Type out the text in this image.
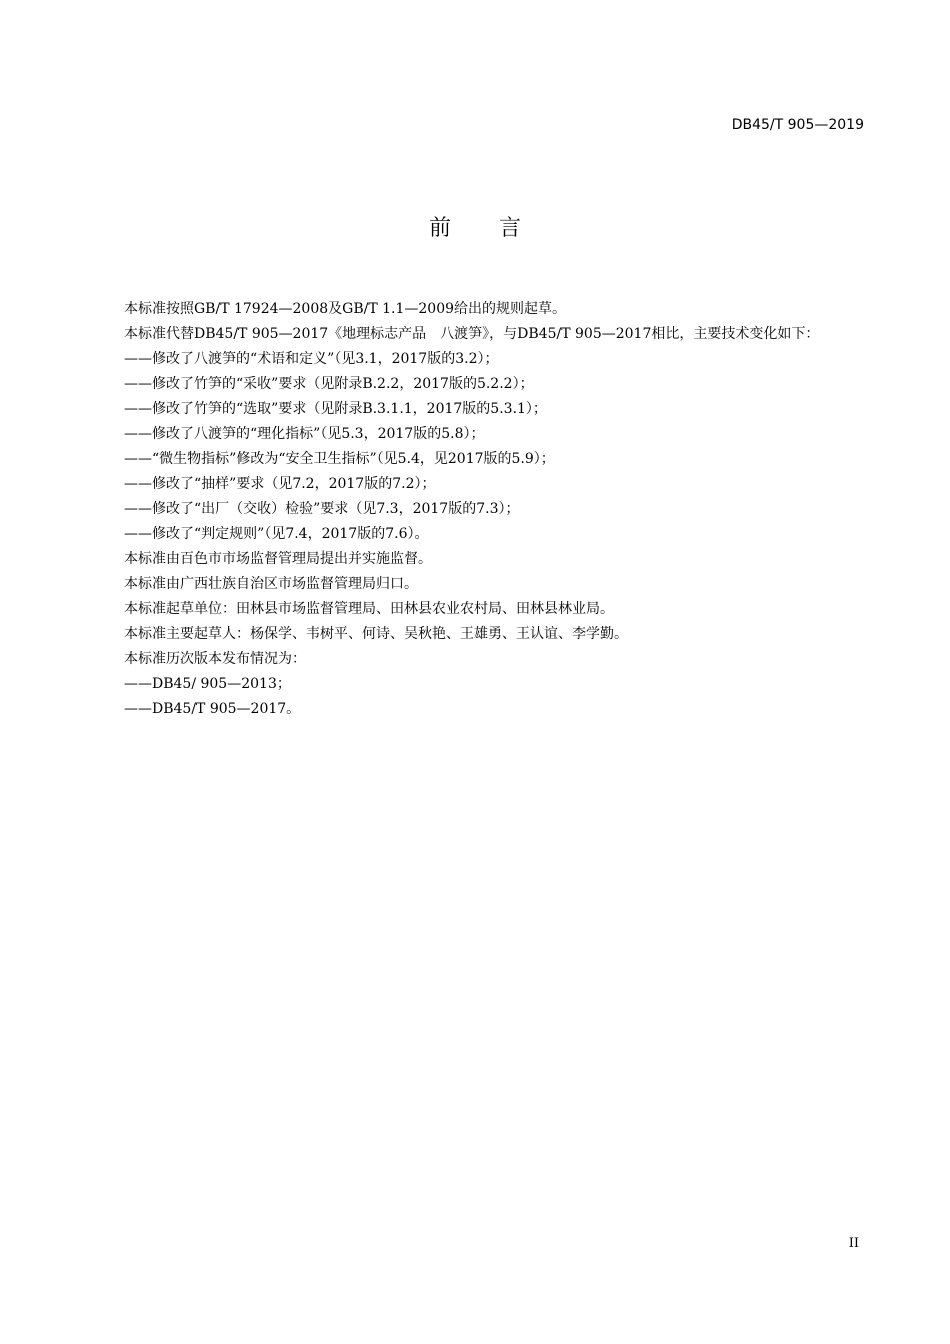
DB45/T 905—2019
前言

本标准按照GB/T 17924—2008及GB/T 1.1—2009给出的规则起草。

本标准代替DB45/T 905—2017《地理标志产品　八渡笋》，与DB45/T 905—2017相比，主要技术变化如下：

——修改了八渡笋的“术语和定义”（见3.1，2017版的3.2）；

——修改了竹笋的“采收”要求（见附录B.2.2，2017版的5.2.2）；

——修改了竹笋的“选取”要求（见附录B.3.1.1，2017版的5.3.1）；

——修改了八渡笋的“理化指标”（见5.3，2017版的5.8）；

——“微生物指标”修改为“安全卫生指标”（见5.4，见2017版的5.9）；

——修改了“抽样”要求（见7.2，2017版的7.2）；

——修改了“出厂（交收）检验”要求（见7.3，2017版的7.3）；

——修改了“判定规则”（见7.4，2017版的7.6）。

本标准由百色市市场监督管理局提出并实施监督。

本标准由广西壮族自治区市场监督管理局归口。

本标准起草单位：田林县市场监督管理局、田林县农业农村局、田林县林业局。

本标准主要起草人：杨保学、韦树平、何诗、吴秋艳、王雄勇、王认谊、李学勤。

本标准历次版本发布情况为：

——DB45/ 905—2013；

——DB45/T 905—2017。

II
